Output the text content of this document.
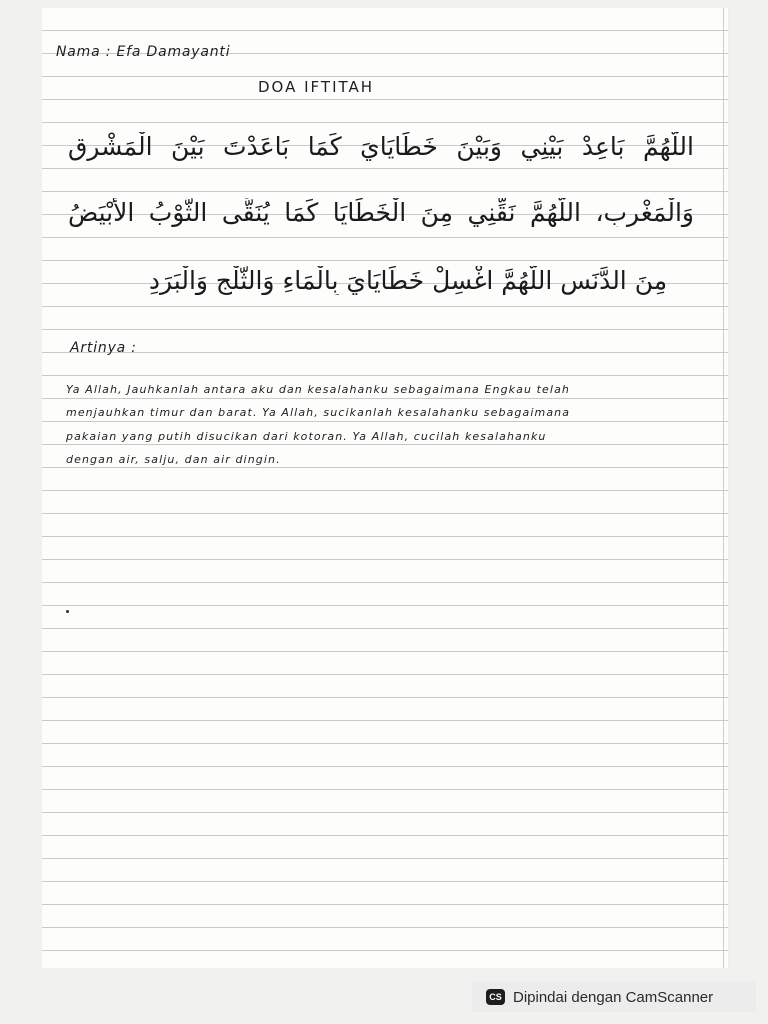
Nama : Efa Damayanti
DOA IFTITAH
اللَّهُمَّ بَاعِدْ بَيْنِي وَبَيْنَ خَطَايَايَ كَمَا بَاعَدْتَ بَيْنَ الْمَشْرِقِ
وَالْمَغْرِبِ، اللَّهُمَّ نَقِّنِي مِنَ الْخَطَايَا كَمَا يُنَقَّى الثَّوْبُ الأَبْيَضُ
مِنَ الدَّنَسِ اللَّهُمَّ اغْسِلْ خَطَايَايَ بِالْمَاءِ وَالثَّلْجِ وَالْبَرَدِ
Artinya :
Ya Allah, Jauhkanlah antara aku dan kesalahanku sebagaimana Engkau telah
menjauhkan timur dan barat. Ya Allah, sucikanlah kesalahanku sebagaimana
pakaian yang putih disucikan dari kotoran. Ya Allah, cucilah kesalahanku
dengan air, salju, dan air dingin.
CS Dipindai dengan CamScanner
